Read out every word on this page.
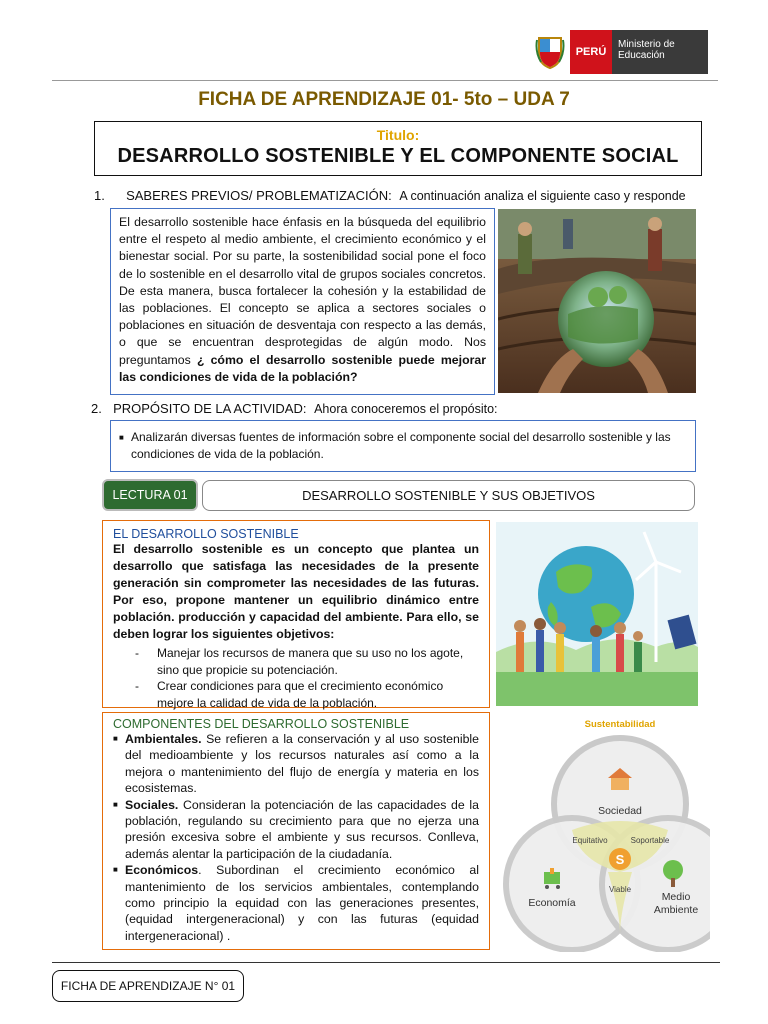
PERÚ
Ministerio de Educación
FICHA DE APRENDIZAJE 01- 5to – UDA 7
Titulo:
DESARROLLO SOSTENIBLE Y EL COMPONENTE SOCIAL
1. SABERES PREVIOS/ PROBLEMATIZACIÓN: A continuación analiza el siguiente caso y responde
El desarrollo sostenible hace énfasis en la búsqueda del equilibrio entre el respeto al medio ambiente, el crecimiento económico y el bienestar social. Por su parte, la sostenibilidad social pone el foco de lo sostenible en el desarrollo vital de grupos sociales concretos. De esta manera, busca fortalecer la cohesión y la estabilidad de las poblaciones. El concepto se aplica a sectores sociales o poblaciones en situación de desventaja con respecto a las demás, o que se encuentran desprotegidas de algún modo. Nos preguntamos ¿ cómo el desarrollo sostenible puede mejorar las condiciones de vida de la población?
2. PROPÓSITO DE LA ACTIVIDAD: Ahora conoceremos el propósito:
■ Analizarán diversas fuentes de información sobre el componente social del desarrollo sostenible y las condiciones de vida de la población.
LECTURA 01	DESARROLLO SOSTENIBLE Y SUS OBJETIVOS
EL DESARROLLO SOSTENIBLE
El desarrollo sostenible es un concepto que plantea un desarrollo que satisfaga las necesidades de la presente generación sin comprometer las necesidades de las futuras. Por eso, propone mantener un equilibrio dinámico entre población. producción y capacidad del ambiente. Para ello, se deben lograr los siguientes objetivos:
- Manejar los recursos de manera que su uso no los agote, sino que propicie su potenciación.
- Crear condiciones para que el crecimiento económico mejore la calidad de vida de la población.
COMPONENTES DEL DESARROLLO SOSTENIBLE
■ Ambientales. Se refieren a la conservación y al uso sostenible del medioambiente y los recursos naturales así como a la mejora o mantenimiento del flujo de energía y materia en los ecosistemas.
■ Sociales. Consideran la potenciación de las capacidades de la población, regulando su crecimiento para que no ejerza una presión excesiva sobre el ambiente y sus recursos. Conlleva, además alentar la participación de la ciudadanía.
■ Económicos. Subordinan el crecimiento económico al mantenimiento de los servicios ambientales, contemplando como principio la equidad con las generaciones presentes, (equidad intergeneracional) y con las futuras (equidad intergeneracional) .
Sustentabilidad
S
Sociedad
Economía	Medio Ambiente
Equitativo	Soportable
Viable
FICHA DE APRENDIZAJE N° 01
